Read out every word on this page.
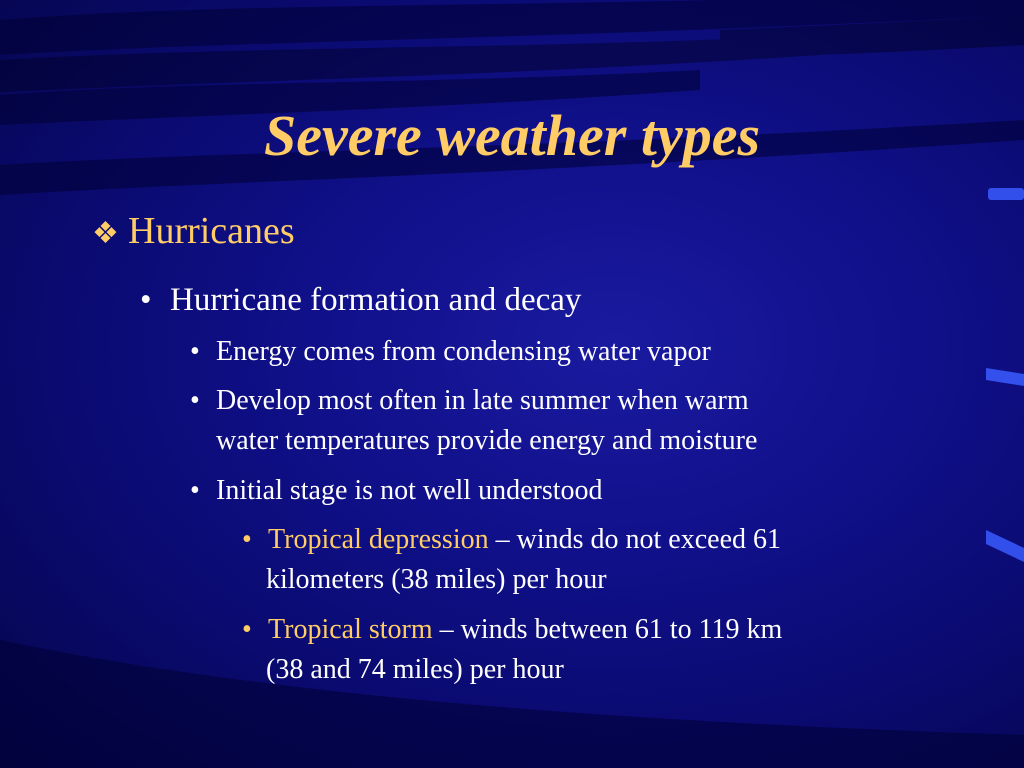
Severe weather types
❖ Hurricanes
• Hurricane formation and decay
• Energy comes from condensing water vapor
• Develop most often in late summer when warm
water temperatures provide energy and moisture
• Initial stage is not well understood
• Tropical depression – winds do not exceed 61
kilometers (38 miles) per hour
• Tropical storm – winds between 61 to 119 km
(38 and 74 miles) per hour
